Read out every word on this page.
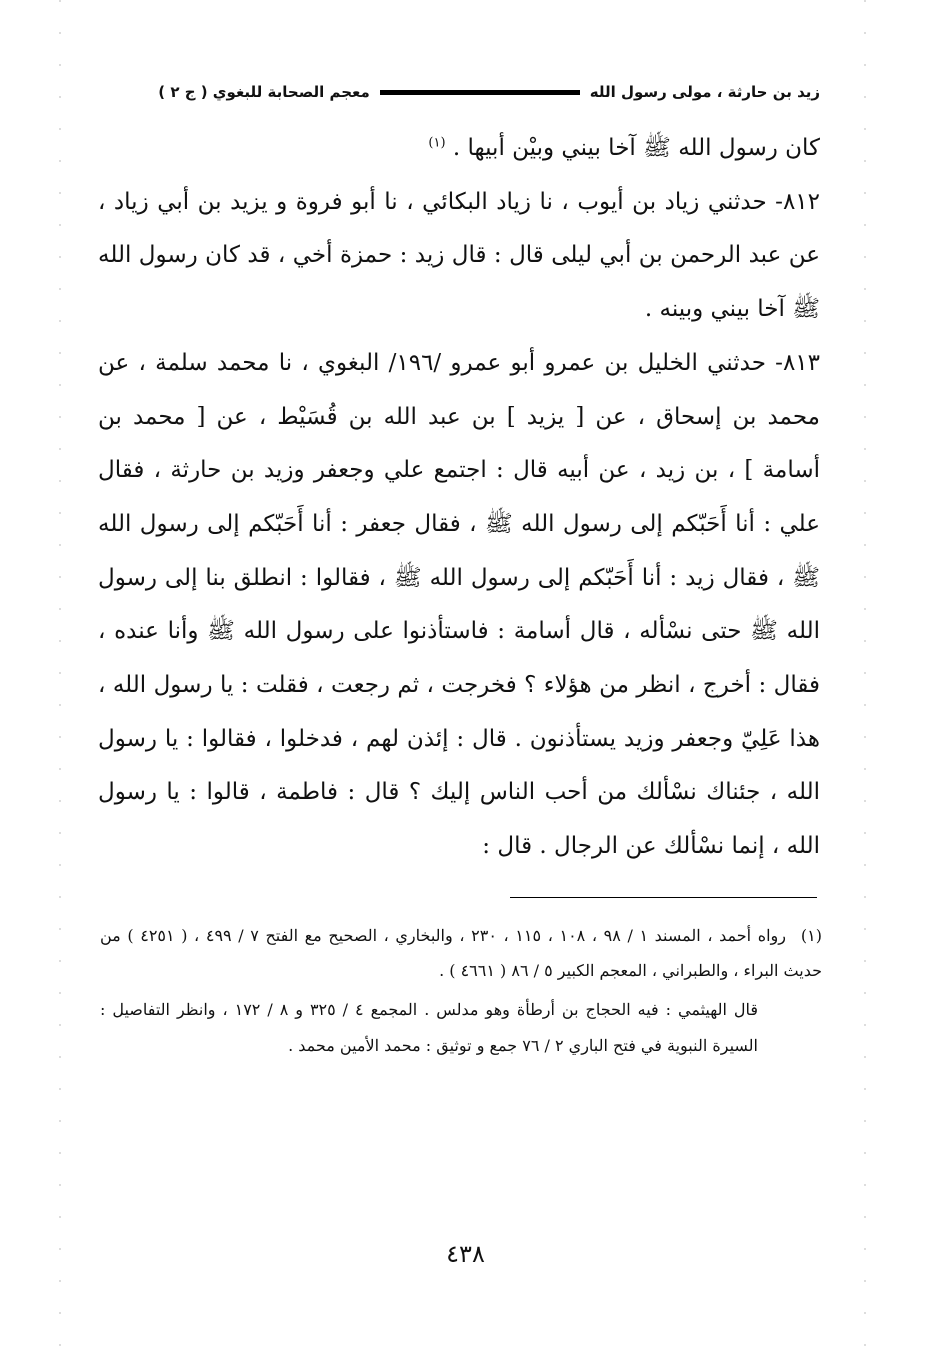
زيد بن حارثة ، مولى رسول الله
معجم الصحابة للبغوي ( ج ٢ )

كان رسول الله ﷺ آخا بيني وبيْن أبيها . $^{(١)}$

٨١٢- حدثني زياد بن أيوب ، نا زياد البكائي ، نا أبو فروة و يزيد بن أبي زياد ، عن عبد الرحمن بن أبي ليلى قال : قال زيد : حمزة أخي ، قد كان رسول الله ﷺ آخا بيني وبينه .

٨١٣- حدثني الخليل بن عمرو أبو عمرو /١٩٦/ البغوي ، نا محمد سلمة ، عن محمد بن إسحاق ، عن [ يزيد ] بن عبد الله بن قُسَيْط ، عن [ محمد بن أسامة ] ، بن زيد ، عن أبيه قال : اجتمع علي وجعفر وزيد بن حارثة ، فقال علي : أنا أَحَبّكم إلى رسول الله ﷺ ، فقال جعفر : أنا أَحَبّكم إلى رسول الله ﷺ ، فقال زيد : أنا أَحَبّكم إلى رسول الله ﷺ ، فقالوا : انطلق بنا إلى رسول الله ﷺ حتى نسْأله ، قال أسامة : فاستأذنوا على رسول الله ﷺ وأنا عنده ، فقال : أخرج ، انظر من هؤلاء ؟ فخرجت ، ثم رجعت ، فقلت : يا رسول الله ، هذا عَلِيّ وجعفر وزيد يستأذنون . قال : إئذن لهم ، فدخلوا ، فقالوا : يا رسول الله ، جئناك نسْألك من أحب الناس إليك ؟ قال : فاطمة ، قالوا : يا رسول الله ، إنما نسْألك عن الرجال . قال :

(١)رواه أحمد ، المسند ١ / ٩٨ ، ١٠٨ ، ١١٥ ، ٢٣٠ ، والبخاري ، الصحيح مع الفتح ٧ / ٤٩٩ ، ( ٤٢٥١ ) من حديث البراء ، والطبراني ، المعجم الكبير ٥ / ٨٦ ( ٤٦٦١ ) .

قال الهيثمي : فيه الحجاج بن أرطأة وهو مدلس . المجمع ٤ / ٣٢٥ و ٨ / ١٧٢ ، وانظر التفاصيل : السيرة النبوية في فتح الباري ٢ / ٧٦ جمع و توثيق : محمد الأمين محمد .

٤٣٨
